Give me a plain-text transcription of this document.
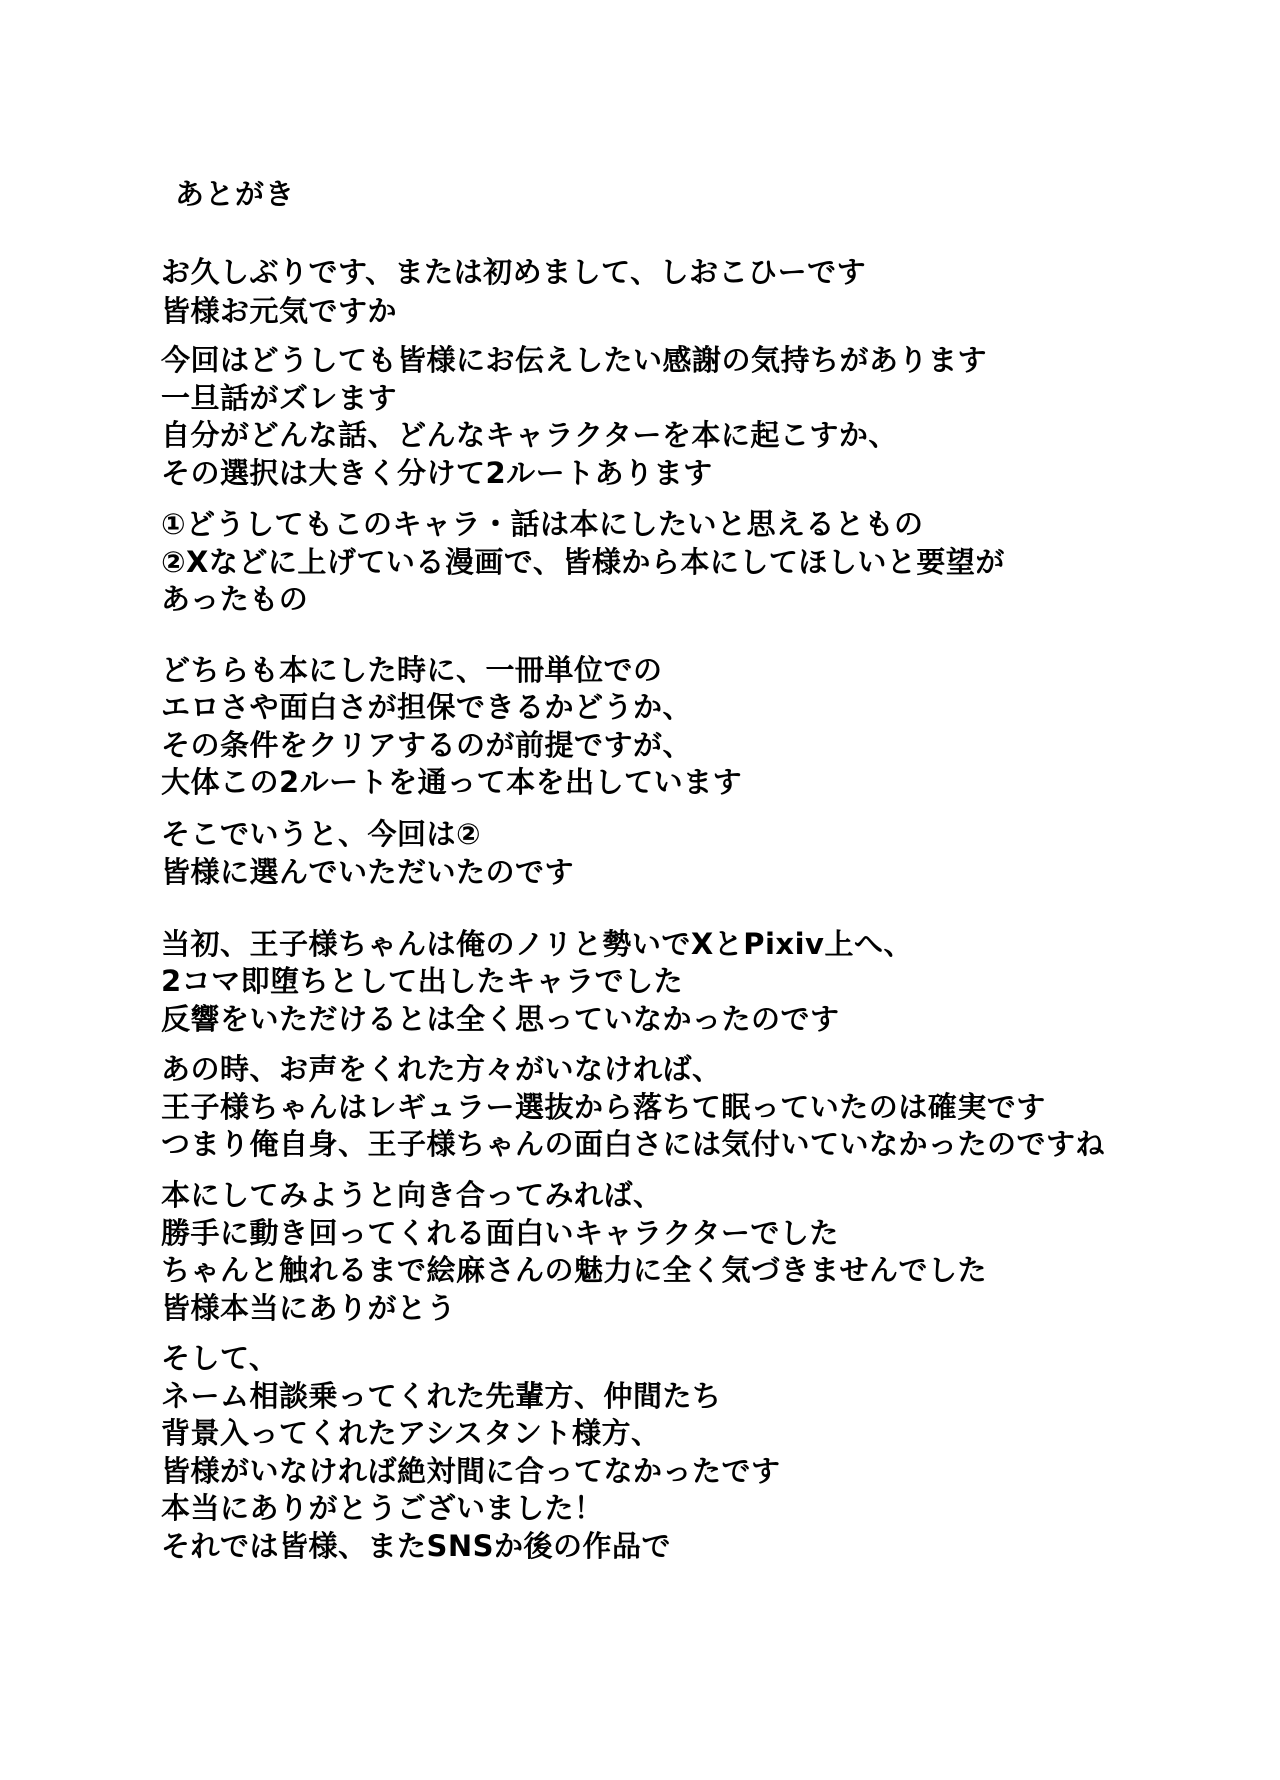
あとがき
お久しぶりです、または初めまして、しおこひーです
皆様お元気ですか
今回はどうしても皆様にお伝えしたい感謝の気持ちがあります
一旦話がズレます
自分がどんな話、どんなキャラクターを本に起こすか、
その選択は大きく分けて2ルートあります
①どうしてもこのキャラ・話は本にしたいと思えるともの
②Xなどに上げている漫画で、皆様から本にしてほしいと要望が
あったもの
どちらも本にした時に、一冊単位での
エロさや面白さが担保できるかどうか、
その条件をクリアするのが前提ですが、
大体この2ルートを通って本を出しています
そこでいうと、今回は②
皆様に選んでいただいたのです
当初、王子様ちゃんは俺のノリと勢いでXとPixiv上へ、
2コマ即堕ちとして出したキャラでした
反響をいただけるとは全く思っていなかったのです
あの時、お声をくれた方々がいなければ、
王子様ちゃんはレギュラー選抜から落ちて眠っていたのは確実です
つまり俺自身、王子様ちゃんの面白さには気付いていなかったのですね
本にしてみようと向き合ってみれば、
勝手に動き回ってくれる面白いキャラクターでした
ちゃんと触れるまで絵麻さんの魅力に全く気づきませんでした
皆様本当にありがとう
そして、
ネーム相談乗ってくれた先輩方、仲間たち
背景入ってくれたアシスタント様方、
皆様がいなければ絶対間に合ってなかったです
本当にありがとうございました！
それでは皆様、またSNSか後の作品で
